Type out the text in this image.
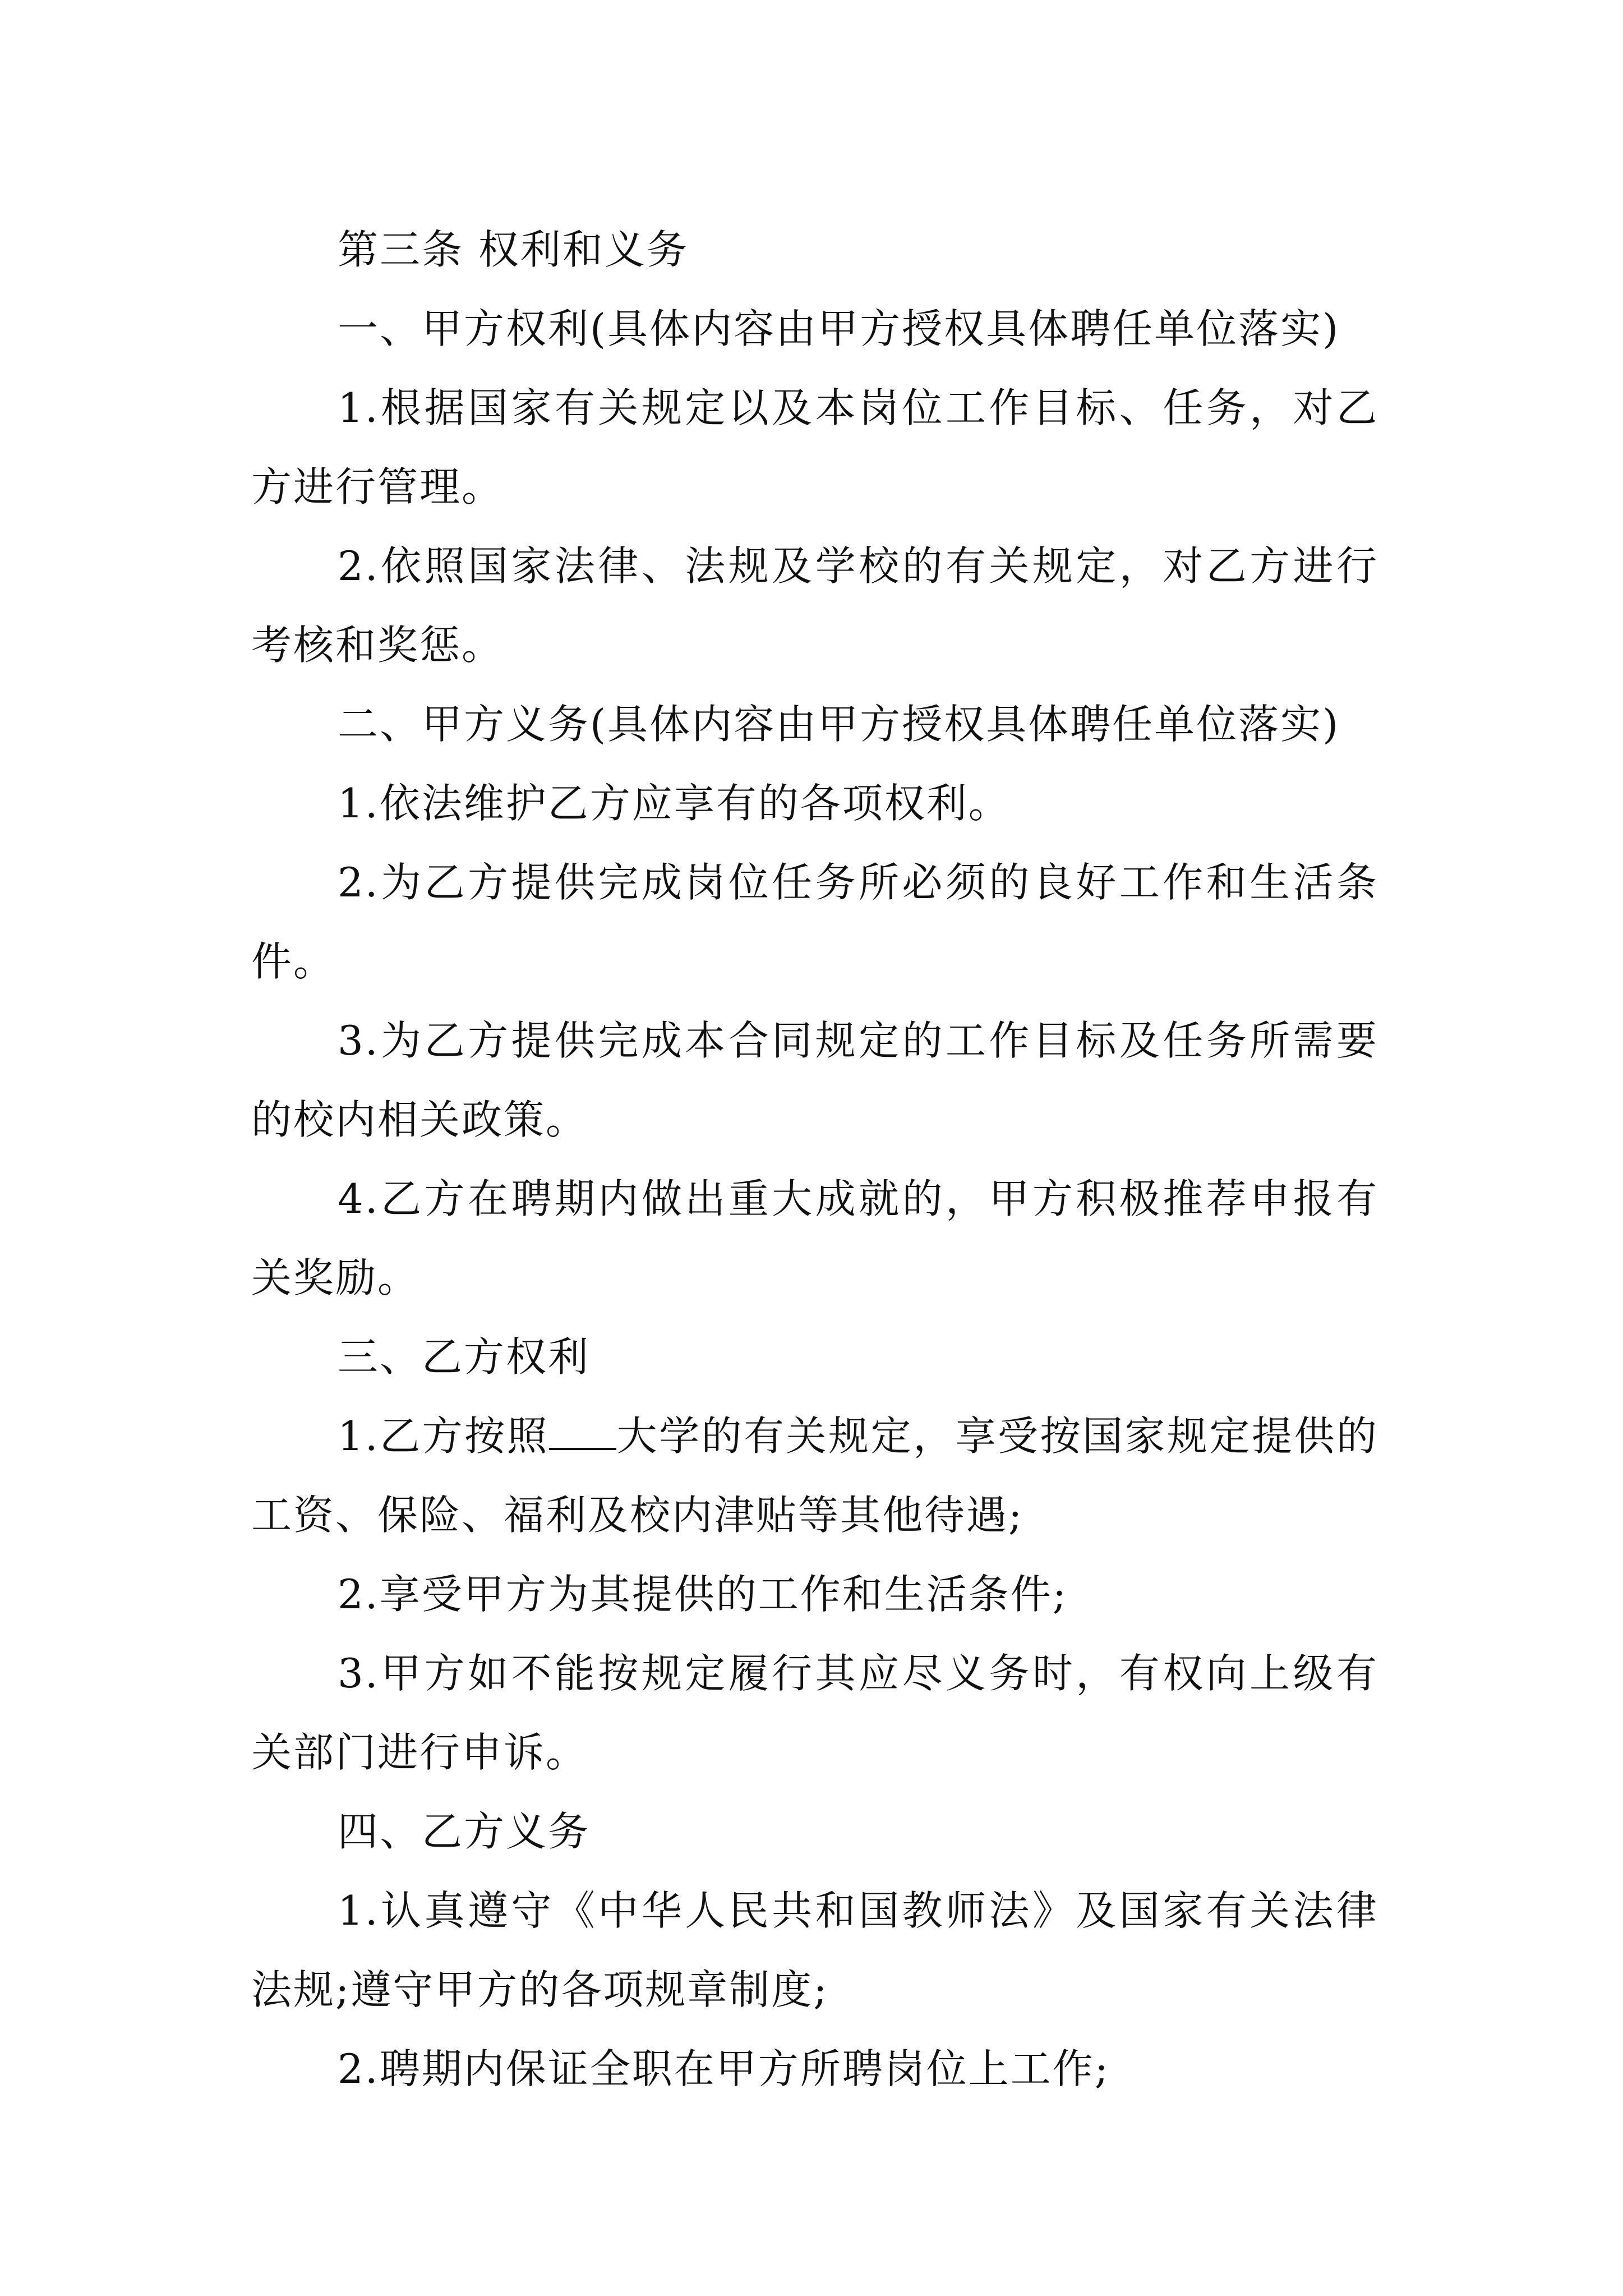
第三条 权利和义务

一、甲方权利(具体内容由甲方授权具体聘任单位落实)

1.根据国家有关规定以及本岗位工作目标、任务，对乙方进行管理。

2.依照国家法律、法规及学校的有关规定，对乙方进行考核和奖惩。

二、甲方义务(具体内容由甲方授权具体聘任单位落实)

1.依法维护乙方应享有的各项权利。

2.为乙方提供完成岗位任务所必须的良好工作和生活条件。

3.为乙方提供完成本合同规定的工作目标及任务所需要的校内相关政策。

4.乙方在聘期内做出重大成就的，甲方积极推荐申报有关奖励。

三、乙方权利

1.乙方按照 大学的有关规定，享受按国家规定提供的工资、保险、福利及校内津贴等其他待遇;

2.享受甲方为其提供的工作和生活条件;

3.甲方如不能按规定履行其应尽义务时，有权向上级有关部门进行申诉。

四、乙方义务

1.认真遵守《中华人民共和国教师法》及国家有关法律法规;遵守甲方的各项规章制度;

2.聘期内保证全职在甲方所聘岗位上工作;
